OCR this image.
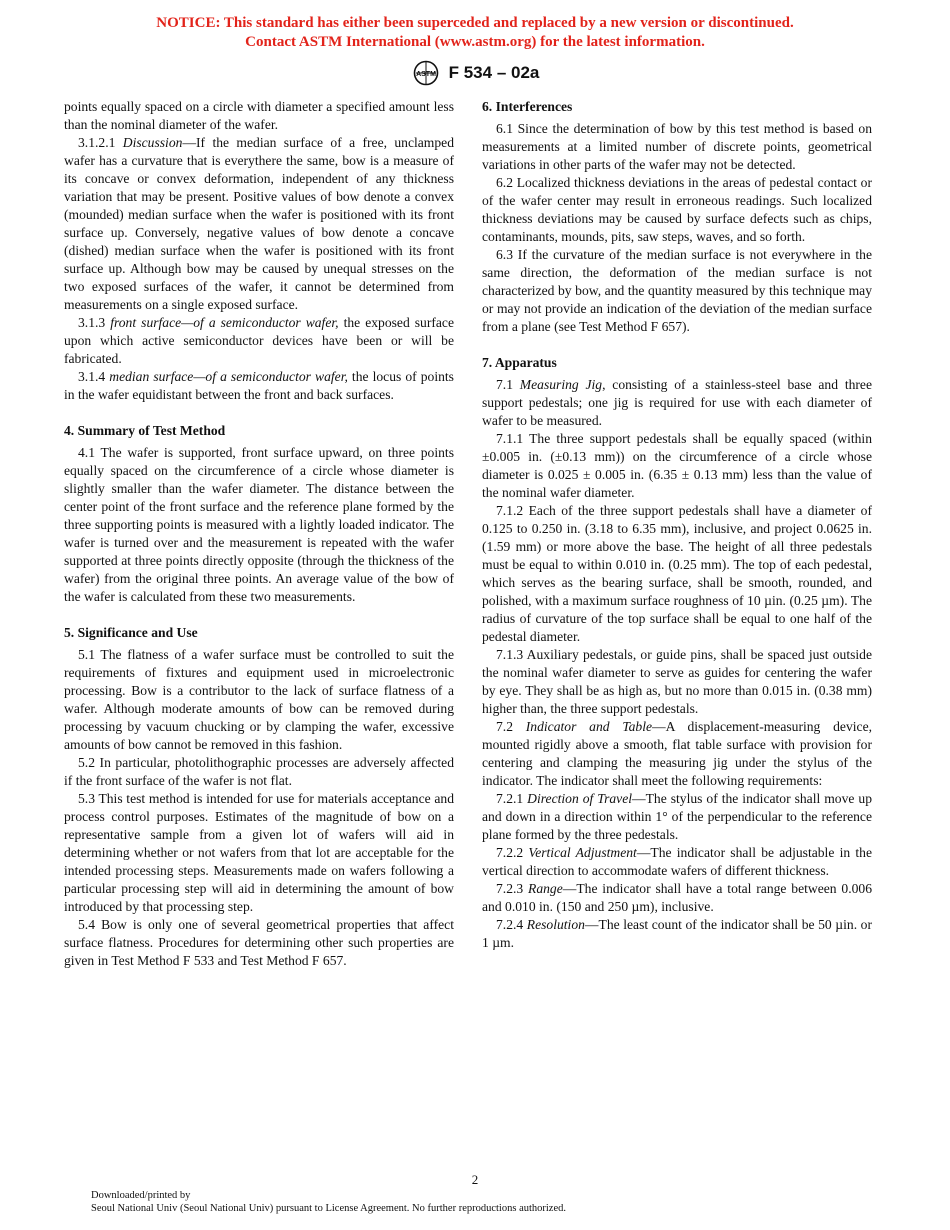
NOTICE: This standard has either been superceded and replaced by a new version or discontinued.
Contact ASTM International (www.astm.org) for the latest information.
ASTM F 534 – 02a

points equally spaced on a circle with diameter a specified amount less than the nominal diameter of the wafer.

3.1.2.1 Discussion—If the median surface of a free, unclamped wafer has a curvature that is everythere the same, bow is a measure of its concave or convex deformation, independent of any thickness variation that may be present. Positive values of bow denote a convex (mounded) median surface when the wafer is positioned with its front surface up. Conversely, negative values of bow denote a concave (dished) median surface when the wafer is positioned with its front surface up. Although bow may be caused by unequal stresses on the two exposed surfaces of the wafer, it cannot be determined from measurements on a single exposed surface.

3.1.3 front surface—of a semiconductor wafer, the exposed surface upon which active semiconductor devices have been or will be fabricated.

3.1.4 median surface—of a semiconductor wafer, the locus of points in the wafer equidistant between the front and back surfaces.

4. Summary of Test Method

4.1 The wafer is supported, front surface upward, on three points equally spaced on the circumference of a circle whose diameter is slightly smaller than the wafer diameter. The distance between the center point of the front surface and the reference plane formed by the three supporting points is measured with a lightly loaded indicator. The wafer is turned over and the measurement is repeated with the wafer supported at three points directly opposite (through the thickness of the wafer) from the original three points. An average value of the bow of the wafer is calculated from these two measurements.

5. Significance and Use

5.1 The flatness of a wafer surface must be controlled to suit the requirements of fixtures and equipment used in microelectronic processing. Bow is a contributor to the lack of surface flatness of a wafer. Although moderate amounts of bow can be removed during processing by vacuum chucking or by clamping the wafer, excessive amounts of bow cannot be removed in this fashion.

5.2 In particular, photolithographic processes are adversely affected if the front surface of the wafer is not flat.

5.3 This test method is intended for use for materials acceptance and process control purposes. Estimates of the magnitude of bow on a representative sample from a given lot of wafers will aid in determining whether or not wafers from that lot are acceptable for the intended processing steps. Measurements made on wafers following a particular processing step will aid in determining the amount of bow introduced by that processing step.

5.4 Bow is only one of several geometrical properties that affect surface flatness. Procedures for determining other such properties are given in Test Method F 533 and Test Method F 657.

6. Interferences

6.1 Since the determination of bow by this test method is based on measurements at a limited number of discrete points, geometrical variations in other parts of the wafer may not be detected.

6.2 Localized thickness deviations in the areas of pedestal contact or of the wafer center may result in erroneous readings. Such localized thickness deviations may be caused by surface defects such as chips, contaminants, mounds, pits, saw steps, waves, and so forth.

6.3 If the curvature of the median surface is not everywhere in the same direction, the deformation of the median surface is not characterized by bow, and the quantity measured by this technique may or may not provide an indication of the deviation of the median surface from a plane (see Test Method F 657).

7. Apparatus

7.1 Measuring Jig, consisting of a stainless-steel base and three support pedestals; one jig is required for use with each diameter of wafer to be measured.

7.1.1 The three support pedestals shall be equally spaced (within ±0.005 in. (±0.13 mm)) on the circumference of a circle whose diameter is 0.025 ± 0.005 in. (6.35 ± 0.13 mm) less than the value of the nominal wafer diameter.

7.1.2 Each of the three support pedestals shall have a diameter of 0.125 to 0.250 in. (3.18 to 6.35 mm), inclusive, and project 0.0625 in. (1.59 mm) or more above the base. The height of all three pedestals must be equal to within 0.010 in. (0.25 mm). The top of each pedestal, which serves as the bearing surface, shall be smooth, rounded, and polished, with a maximum surface roughness of 10 µin. (0.25 µm). The radius of curvature of the top surface shall be equal to one half of the pedestal diameter.

7.1.3 Auxiliary pedestals, or guide pins, shall be spaced just outside the nominal wafer diameter to serve as guides for centering the wafer by eye. They shall be as high as, but no more than 0.015 in. (0.38 mm) higher than, the three support pedestals.

7.2 Indicator and Table—A displacement-measuring device, mounted rigidly above a smooth, flat table surface with provision for centering and clamping the measuring jig under the stylus of the indicator. The indicator shall meet the following requirements:

7.2.1 Direction of Travel—The stylus of the indicator shall move up and down in a direction within 1° of the perpendicular to the reference plane formed by the three pedestals.

7.2.2 Vertical Adjustment—The indicator shall be adjustable in the vertical direction to accommodate wafers of different thickness.

7.2.3 Range—The indicator shall have a total range between 0.006 and 0.010 in. (150 and 250 µm), inclusive.

7.2.4 Resolution—The least count of the indicator shall be 50 µin. or 1 µm.

2
Downloaded/printed by
Seoul National Univ (Seoul National Univ) pursuant to License Agreement. No further reproductions authorized.
